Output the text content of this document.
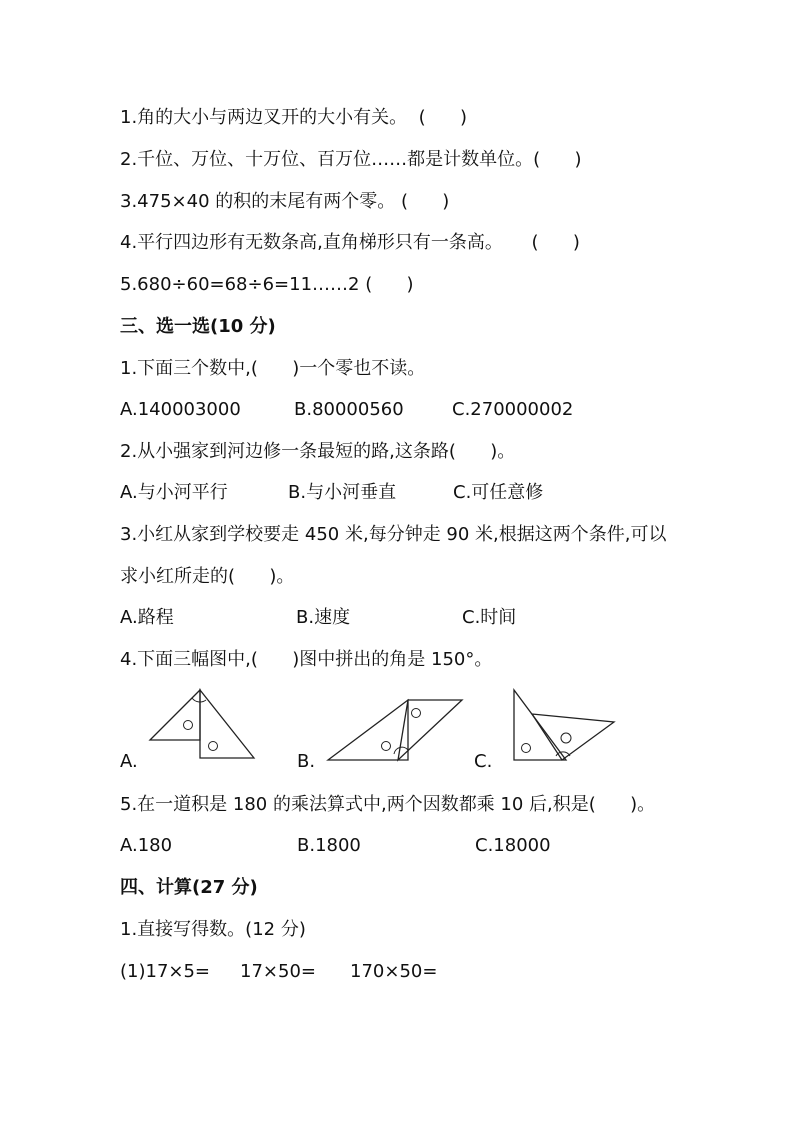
1.角的大小与两边叉开的大小有关。  (      )
2.千位、万位、十万位、百万位……都是计数单位。(      )
3.475×40 的积的末尾有两个零。 (      )
4.平行四边形有无数条高,直角梯形只有一条高。     (      )
5.680÷60=68÷6=11……2 (      )
三、选一选(10 分)
1.下面三个数中,(      )一个零也不读。
A.140003000	B.80000560	C.270000002
2.从小强家到河边修一条最短的路,这条路(      )。
A.与小河平行	B.与小河垂直	C.可任意修
3.小红从家到学校要走 450 米,每分钟走 90 米,根据这两个条件,可以
求小红所走的(      )。
A.路程	B.速度	C.时间
4.下面三幅图中,(      )图中拼出的角是 150°。
A.	B.	C.
5.在一道积是 180 的乘法算式中,两个因数都乘 10 后,积是(      )。
A.180	B.1800	C.18000
四、计算(27 分)
1.直接写得数。(12 分)
(1)17×5= 17×50= 170×50=
